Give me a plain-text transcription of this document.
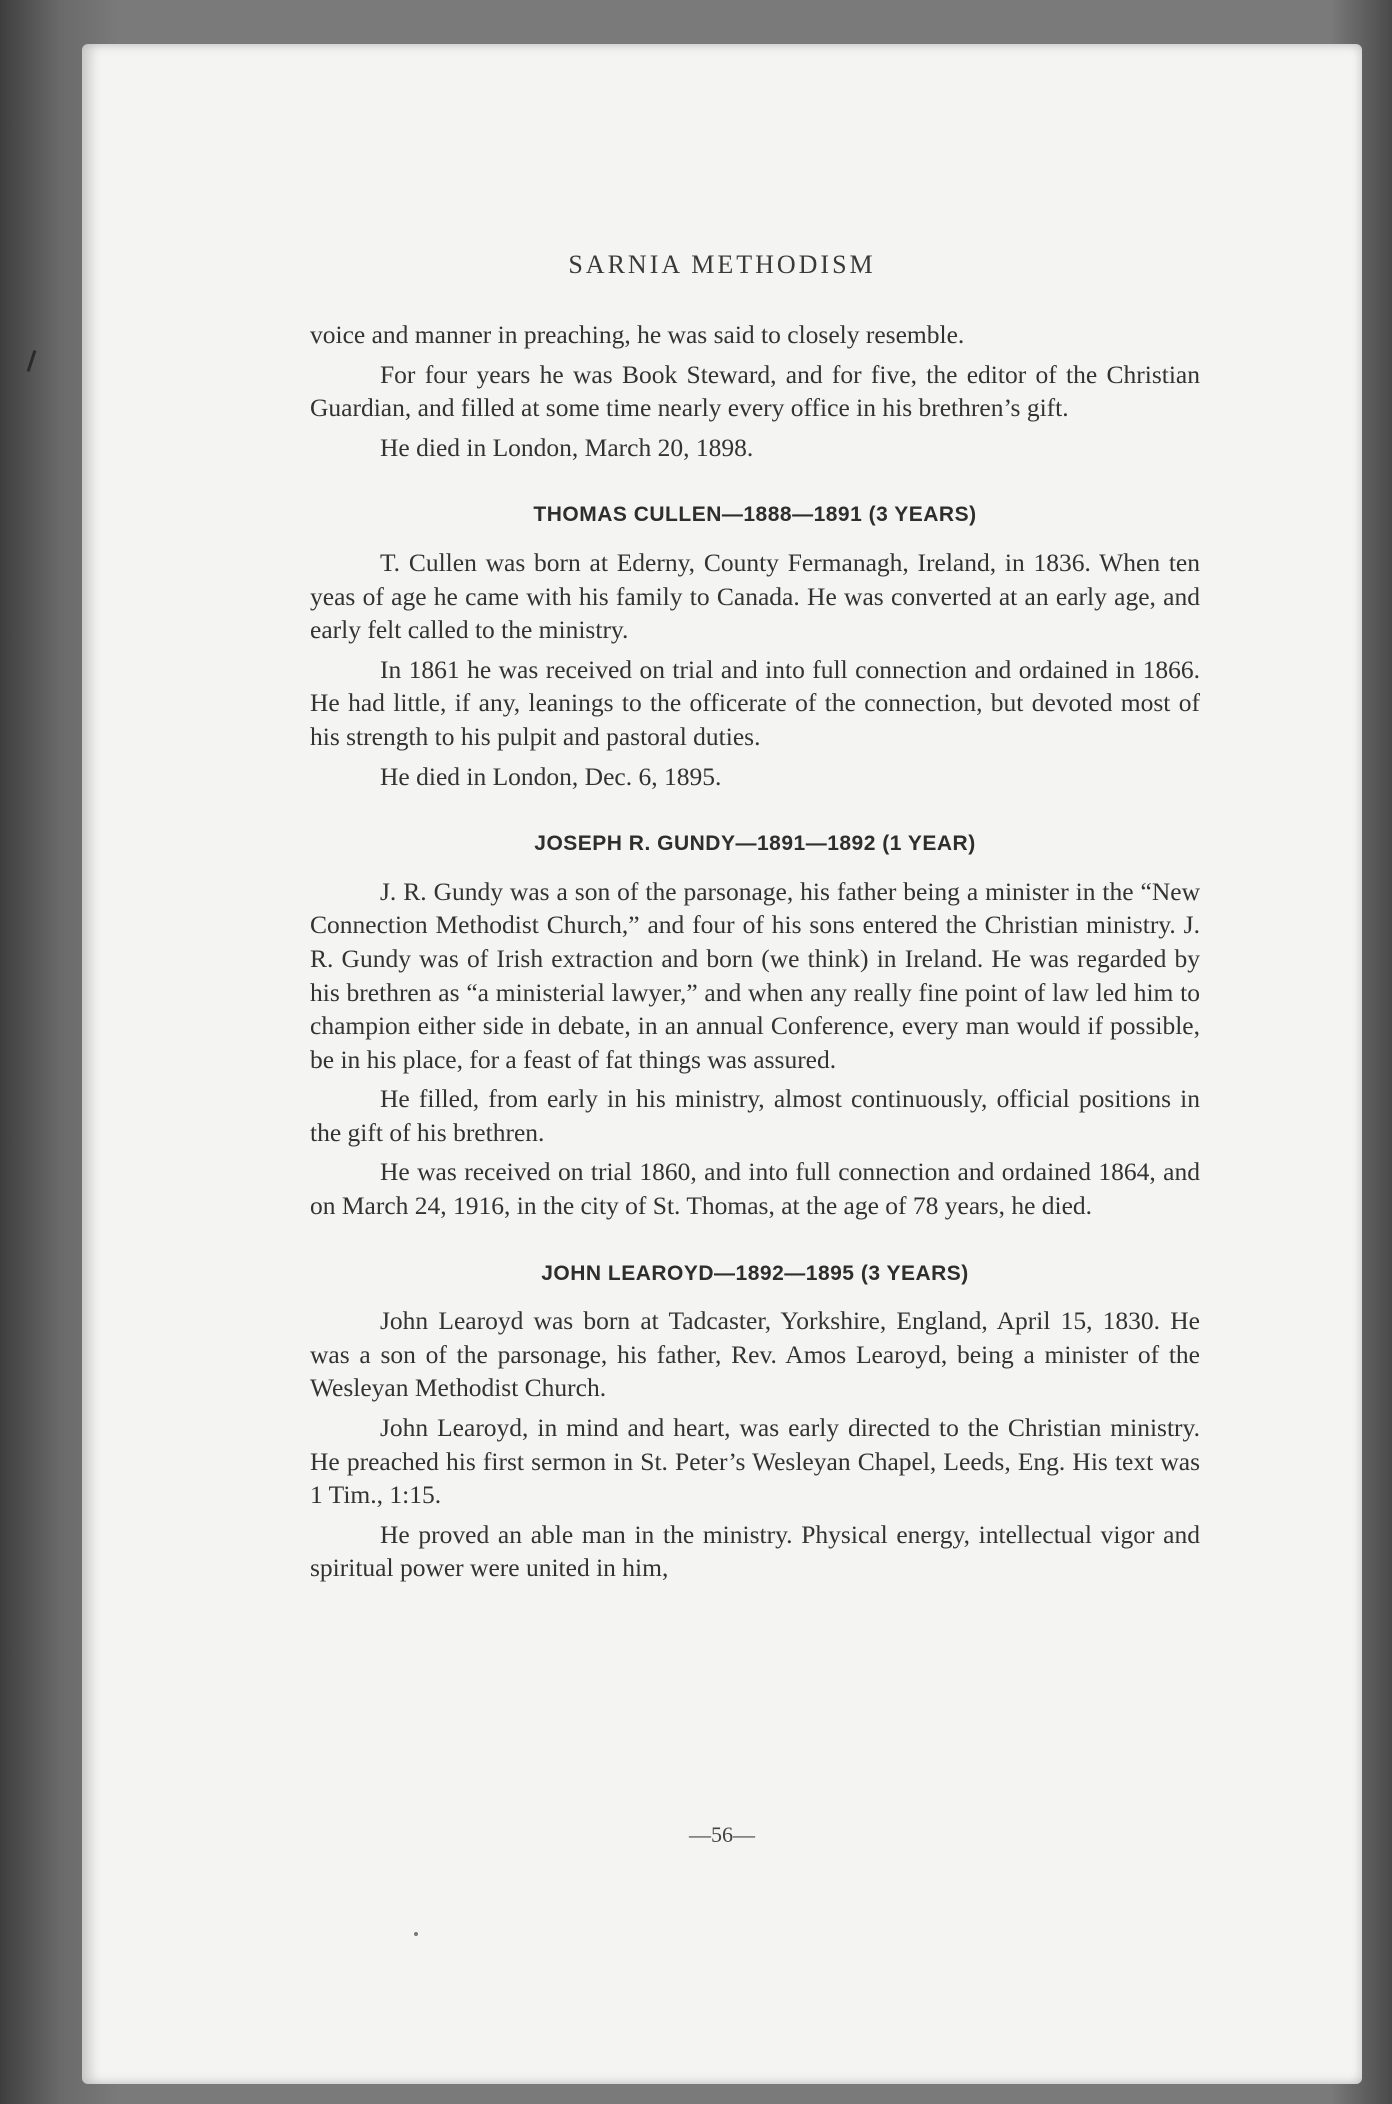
SARNIA METHODISM

voice and manner in preaching, he was said to closely resemble.

For four years he was Book Steward, and for five, the editor of the Christian Guardian, and filled at some time nearly every office in his brethren’s gift.

He died in London, March 20, 1898.

THOMAS CULLEN—1888—1891 (3 YEARS)

T. Cullen was born at Ederny, County Fermanagh, Ireland, in 1836. When ten yeas of age he came with his family to Canada. He was converted at an early age, and early felt called to the ministry.

In 1861 he was received on trial and into full connection and ordained in 1866. He had little, if any, leanings to the officerate of the connection, but devoted most of his strength to his pulpit and pastoral duties.

He died in London, Dec. 6, 1895.

JOSEPH R. GUNDY—1891—1892 (1 YEAR)

J. R. Gundy was a son of the parsonage, his father being a minister in the “New Connection Methodist Church,” and four of his sons entered the Christian ministry. J. R. Gundy was of Irish extraction and born (we think) in Ireland. He was regarded by his brethren as “a ministerial lawyer,” and when any really fine point of law led him to champion either side in debate, in an annual Conference, every man would if possible, be in his place, for a feast of fat things was assured.

He filled, from early in his ministry, almost continuously, official positions in the gift of his brethren.

He was received on trial 1860, and into full connection and ordained 1864, and on March 24, 1916, in the city of St. Thomas, at the age of 78 years, he died.

JOHN LEAROYD—1892—1895 (3 YEARS)

John Learoyd was born at Tadcaster, Yorkshire, England, April 15, 1830. He was a son of the parsonage, his father, Rev. Amos Learoyd, being a minister of the Wesleyan Methodist Church.

John Learoyd, in mind and heart, was early directed to the Christian ministry. He preached his first sermon in St. Peter’s Wesleyan Chapel, Leeds, Eng. His text was 1 Tim., 1:15.

He proved an able man in the ministry. Physical energy, intellectual vigor and spiritual power were united in him,

—56—
